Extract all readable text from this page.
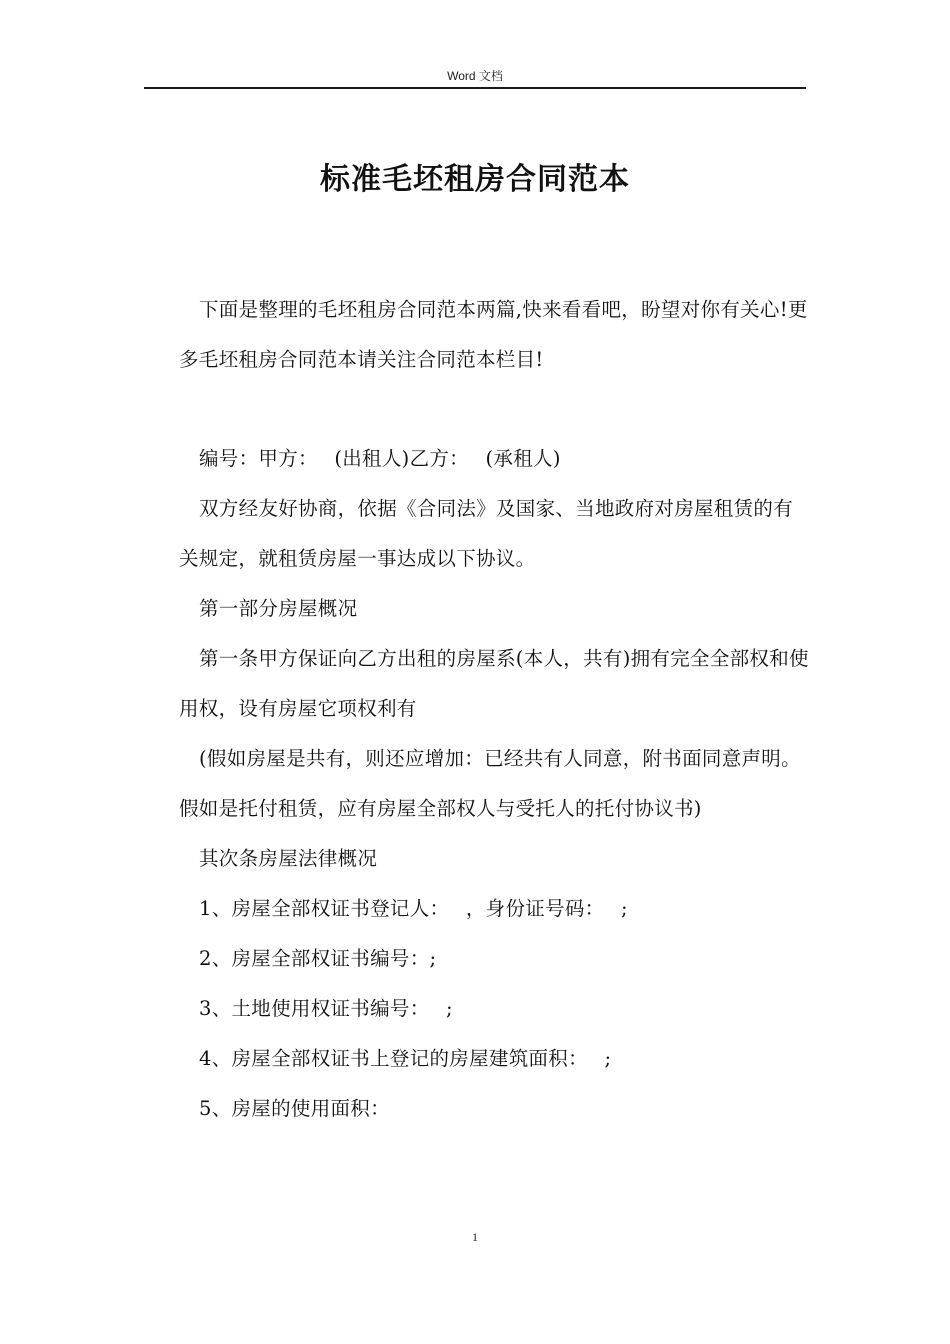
Word 文档
标准毛坯租房合同范本

下面是整理的毛坯租房合同范本两篇,快来看看吧，盼望对你有关心!更多毛坯租房合同范本请关注合同范本栏目!

编号：甲方：　 (出租人)乙方：　 (承租人)

双方经友好协商，依据《合同法》及国家、当地政府对房屋租赁的有关规定，就租赁房屋一事达成以下协议。

第一部分房屋概况

第一条甲方保证向乙方出租的房屋系(本人，共有)拥有完全全部权和使用权，设有房屋它项权利有

(假如房屋是共有，则还应增加：已经共有人同意，附书面同意声明。假如是托付租赁，应有房屋全部权人与受托人的托付协议书)

其次条房屋法律概况

1、房屋全部权证书登记人：　 ，身份证号码：　 ;

2、房屋全部权证书编号：;

3、土地使用权证书编号：　 ;

4、房屋全部权证书上登记的房屋建筑面积：　 ;

5、房屋的使用面积：

1
